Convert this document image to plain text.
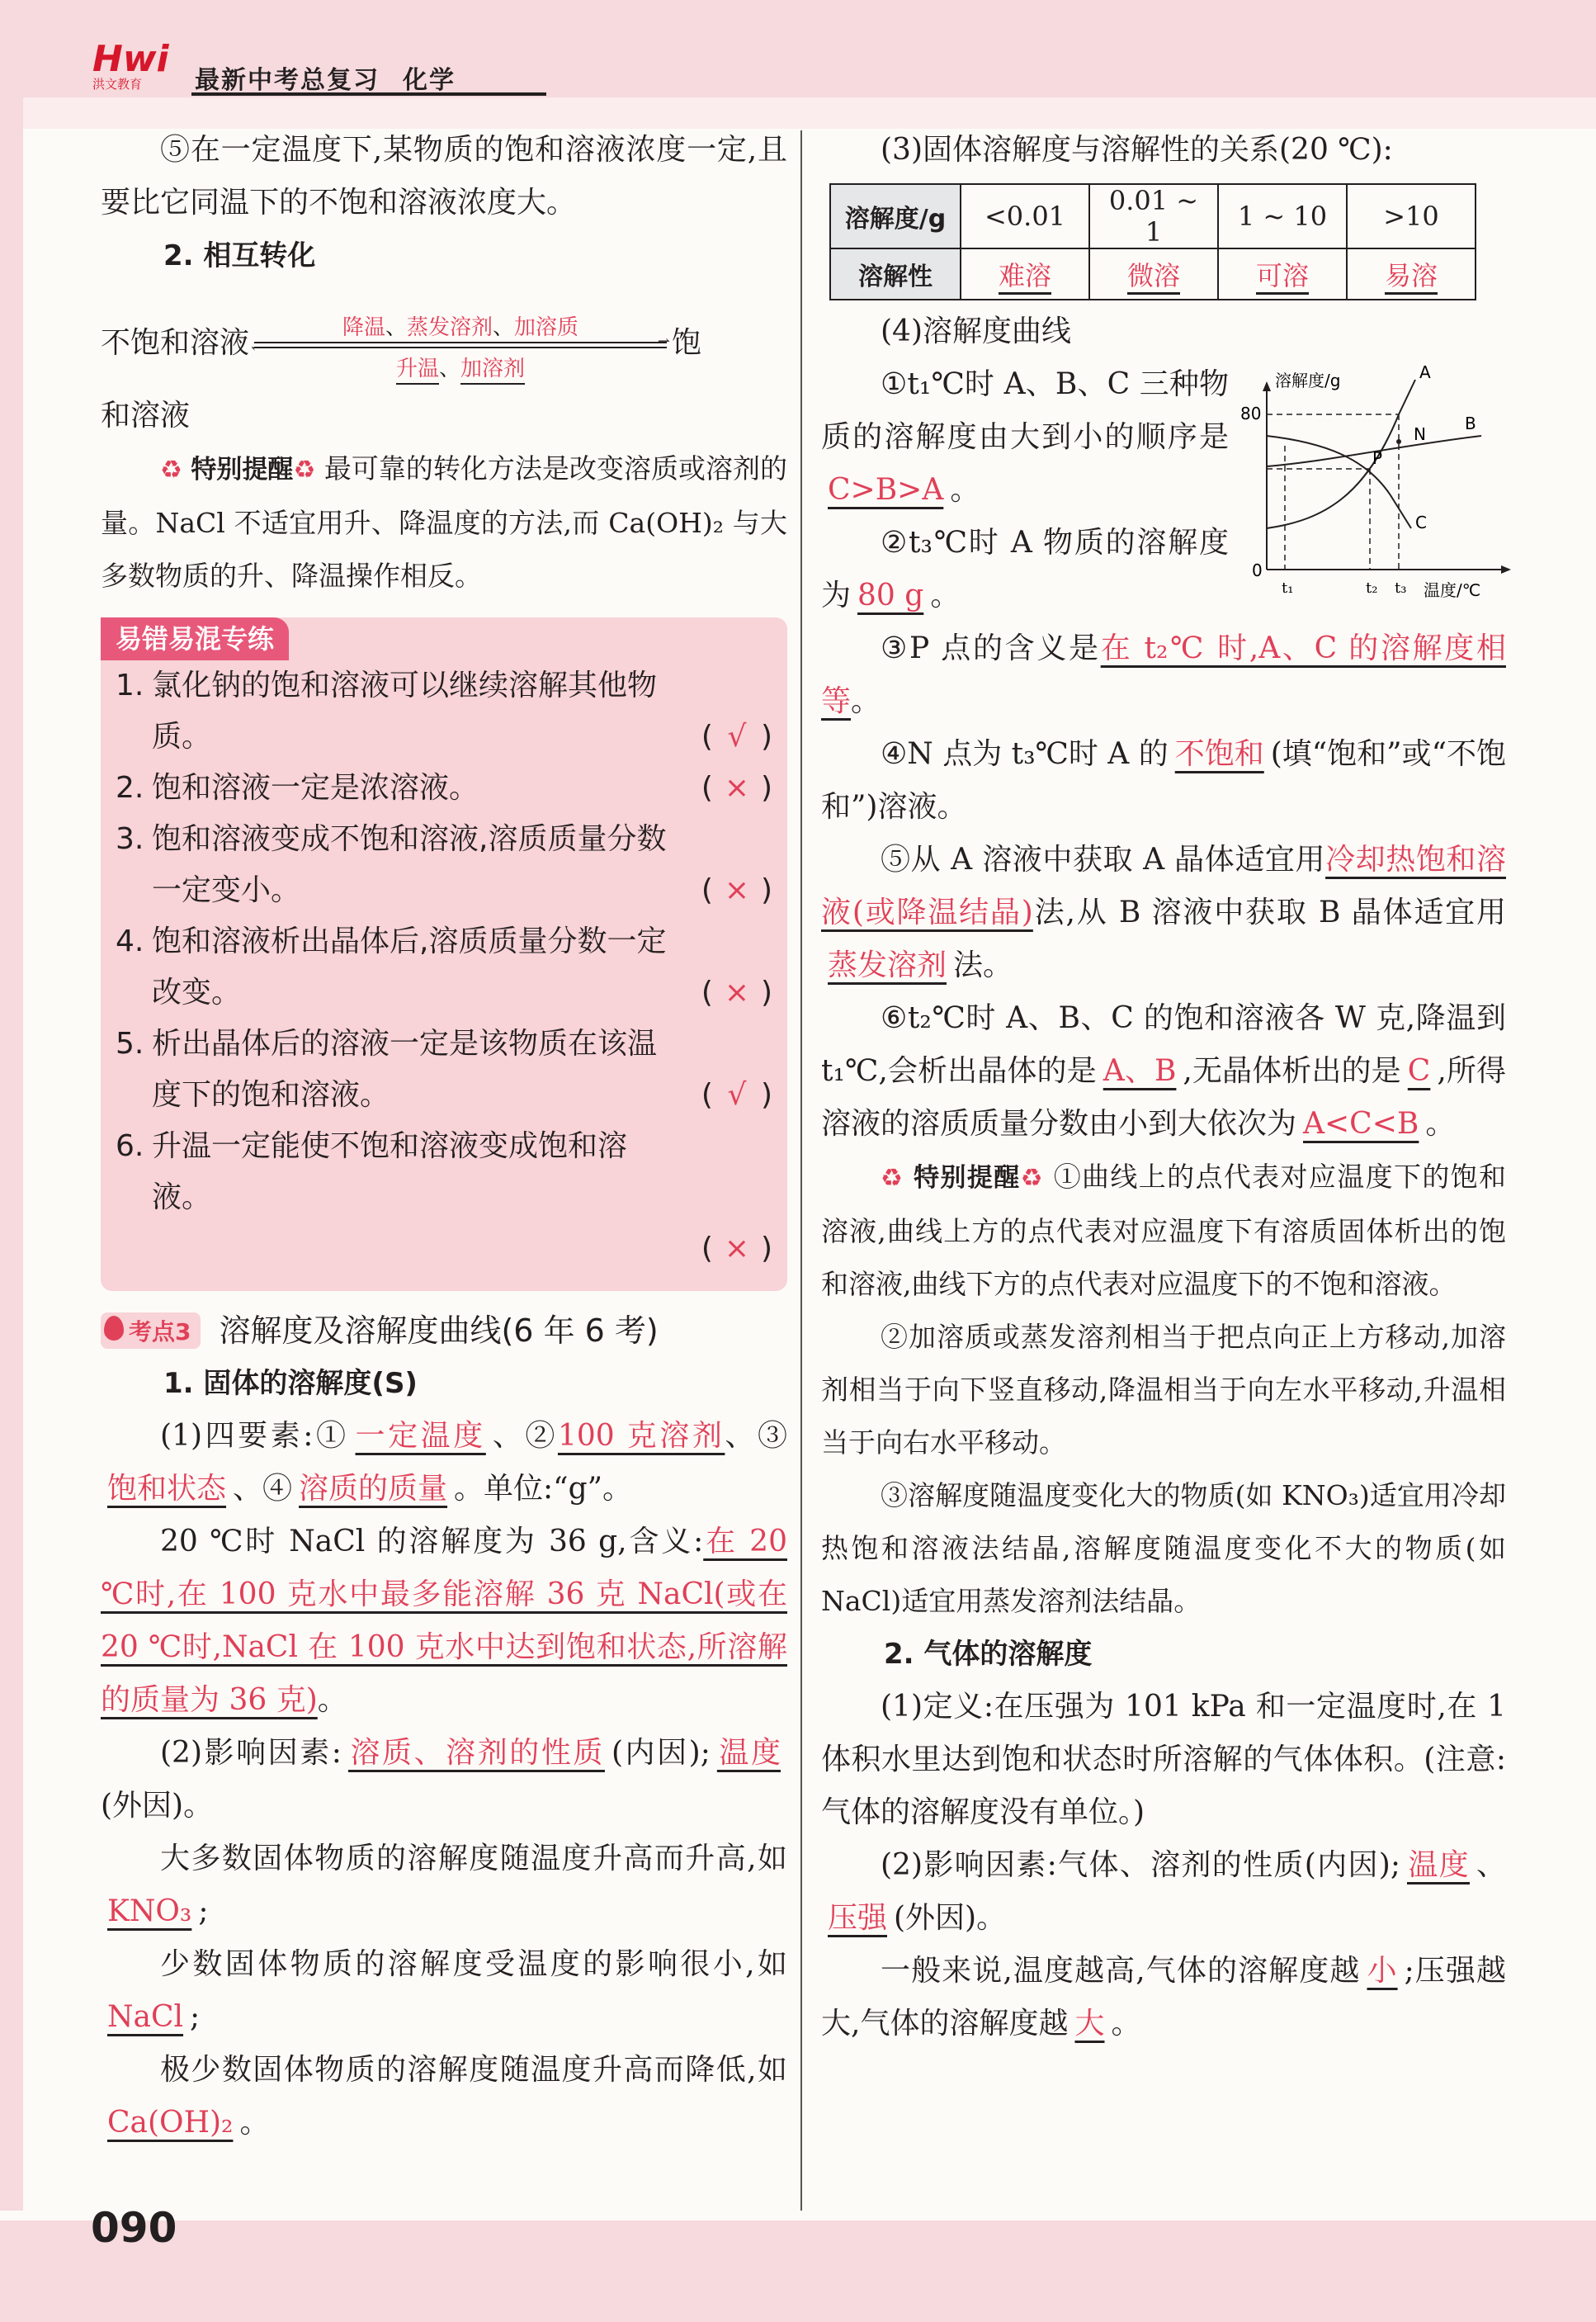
Hwi
洪文教育	最新中考总复习 化学

⑤在一定温度下,某物质的饱和溶液浓度一定,且要比它同温下的不饱和溶液浓度大。

2. 相互转化

不饱和溶液	降温、蒸发溶剂、加溶质
⇀
↽
升温、加溶剂
饱

和溶液

♻ 特别提醒♻ 最可靠的转化方法是改变溶质或溶剂的量。NaCl 不适宜用升、降温度的方法,而 Ca(OH)₂ 与大多数物质的升、降温操作相反。

易错易混专练
1. 氯化钠的饱和溶液可以继续溶解其他物质。	( √ )
2. 饱和溶液一定是浓溶液。	( × )
3. 饱和溶液变成不饱和溶液,溶质质量分数一定变小。	( × )
4. 饱和溶液析出晶体后,溶质质量分数一定改变。	( × )
5. 析出晶体后的溶液一定是该物质在该温度下的饱和溶液。	( √ )
6. 升温一定能使不饱和溶液变成饱和溶液。
( × )
考点3 溶解度及溶解度曲线(6 年 6 考)

1. 固体的溶解度(S)

(1)四要素:① 一定温度 、②100 克溶剂、③饱和状态 、④ 溶质的质量 。单位:“g”。

20 ℃时 NaCl 的溶解度为 36 g,含义:在 20 ℃时,在 100 克水中最多能溶解 36 克 NaCl(或在 20 ℃时,NaCl 在 100 克水中达到饱和状态,所溶解的质量为 36 克)。

(2)影响因素: 溶质、溶剂的性质 (内因); 温度(外因)。

大多数固体物质的溶解度随温度升高而升高,如KNO₃ ;

少数固体物质的溶解度受温度的影响很小,如NaCl ;

极少数固体物质的溶解度随温度升高而降低,如Ca(OH)₂ 。

(3)固体溶解度与溶解性的关系(20 ℃):

溶解度/g	<0.01	0.01 ~ 1	1 ~ 10	>10
溶解性	难溶	微溶	可溶	易溶

(4)溶解度曲线

溶解度/g
温度/℃
0
80
t₁	t₂ t₃
A
B
C
P
N

①t₁℃时 A、B、C 三种物质的溶解度由大到小的顺序是C>B>A 。

②t₃℃时 A 物质的溶解度为 80 g 。

③P 点的含义是在 t₂℃ 时,A、C 的溶解度相等。

④N 点为 t₃℃时 A 的 不饱和 (填“饱和”或“不饱和”)溶液。

⑤从 A 溶液中获取 A 晶体适宜用冷却热饱和溶液(或降温结晶)法,从 B 溶液中获取 B 晶体适宜用蒸发溶剂 法。

⑥t₂℃时 A、B、C 的饱和溶液各 W 克,降温到 t₁℃,会析出晶体的是 A、B ,无晶体析出的是 C ,所得溶液的溶质质量分数由小到大依次为 A<C<B 。

♻ 特别提醒♻ ①曲线上的点代表对应温度下的饱和溶液,曲线上方的点代表对应温度下有溶质固体析出的饱和溶液,曲线下方的点代表对应温度下的不饱和溶液。

②加溶质或蒸发溶剂相当于把点向正上方移动,加溶剂相当于向下竖直移动,降温相当于向左水平移动,升温相当于向右水平移动。

③溶解度随温度变化大的物质(如 KNO₃)适宜用冷却热饱和溶液法结晶,溶解度随温度变化不大的物质(如 NaCl)适宜用蒸发溶剂法结晶。

2. 气体的溶解度

(1)定义:在压强为 101 kPa 和一定温度时,在 1 体积水里达到饱和状态时所溶解的气体体积。(注意:气体的溶解度没有单位。)

(2)影响因素:气体、溶剂的性质(内因); 温度 、压强 (外因)。

一般来说,温度越高,气体的溶解度越 小 ;压强越大,气体的溶解度越 大 。

090
